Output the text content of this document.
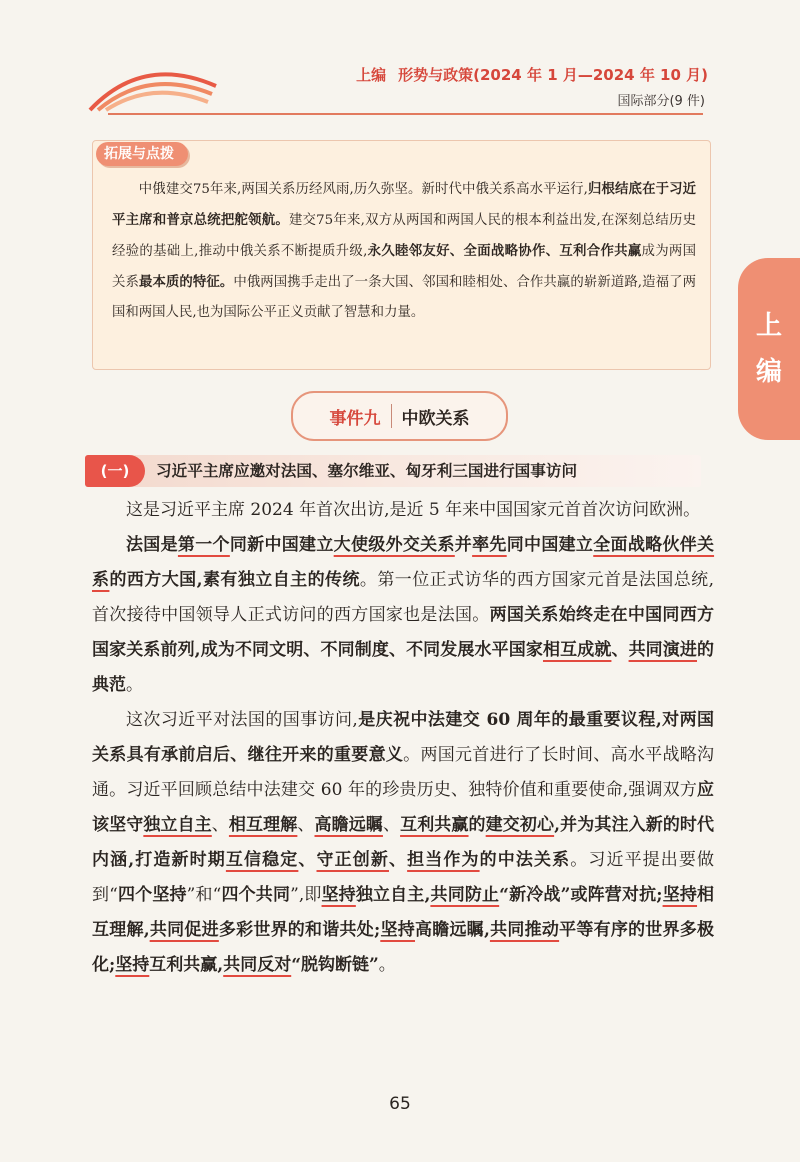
上编 形势与政策(2024 年 1 月—2024 年 10 月)
国际部分(9 件)
上
编
拓展与点拨

中俄建交75年来,两国关系历经风雨,历久弥坚。新时代中俄关系高水平运行,归根结底在于习近平主席和普京总统把舵领航。建交75年来,双方从两国和两国人民的根本利益出发,在深刻总结历史经验的基础上,推动中俄关系不断提质升级,永久睦邻友好、全面战略协作、互利合作共赢成为两国关系最本质的特征。中俄两国携手走出了一条大国、邻国和睦相处、合作共赢的崭新道路,造福了两国和两国人民,也为国际公平正义贡献了智慧和力量。

事件九 中欧关系
(一)	习近平主席应邀对法国、塞尔维亚、匈牙利三国进行国事访问

这是习近平主席 2024 年首次出访,是近 5 年来中国国家元首首次访问欧洲。

法国是第一个同新中国建立大使级外交关系并率先同中国建立全面战略伙伴关系的西方大国,素有独立自主的传统。第一位正式访华的西方国家元首是法国总统,首次接待中国领导人正式访问的西方国家也是法国。两国关系始终走在中国同西方国家关系前列,成为不同文明、不同制度、不同发展水平国家相互成就、共同演进的典范。

这次习近平对法国的国事访问,是庆祝中法建交 60 周年的最重要议程,对两国关系具有承前启后、继往开来的重要意义。两国元首进行了长时间、高水平战略沟通。习近平回顾总结中法建交 60 年的珍贵历史、独特价值和重要使命,强调双方应该坚守独立自主、相互理解、高瞻远瞩、互利共赢的建交初心,并为其注入新的时代内涵,打造新时期互信稳定、守正创新、担当作为的中法关系。习近平提出要做到“四个坚持”和“四个共同”,即坚持独立自主,共同防止“新冷战”或阵营对抗;坚持相互理解,共同促进多彩世界的和谐共处;坚持高瞻远瞩,共同推动平等有序的世界多极化;坚持互利共赢,共同反对“脱钩断链”。

65
